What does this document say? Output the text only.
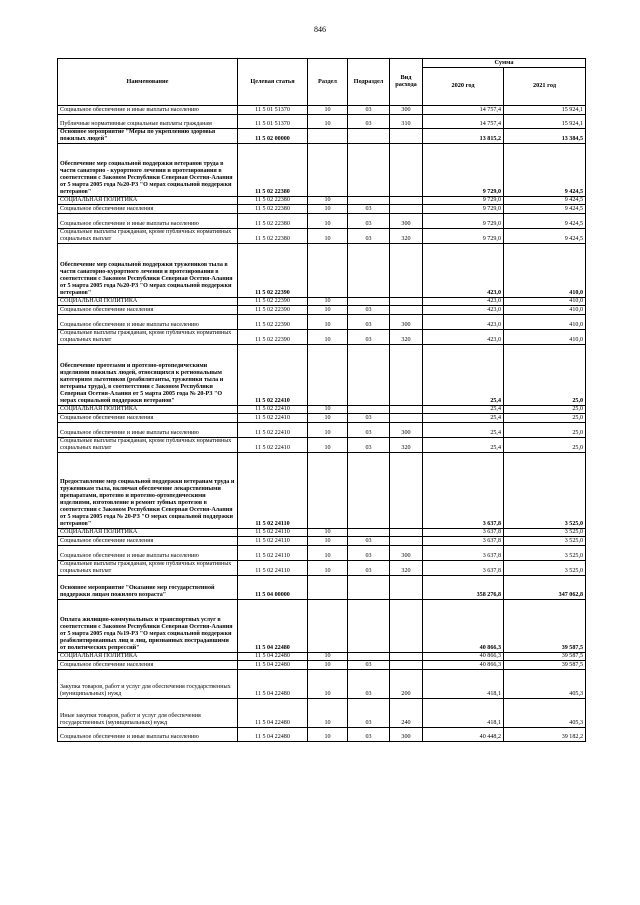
846
Наименование	Целевая статья	Раздел	Подраздел	Вид расхода	Сумма	
					2020 год	2021 год
Социальное обеспечение и иные выплаты населению	11 5 01 51370	10	03	300	14 757,4	15 924,1
Публичные нормативные социальные выплаты гражданам	11 5 01 51370	10	03	310	14 757,4	15 924,1
Основное мероприятие "Меры по укреплению здоровья пожилых людей"	11 5 02 00000				13 815,2	13 384,5
Обеспечение мер социальной поддержки ветеранов труда в части санаторно - курортного лечения и протезирования в соответствии с Законом Республики Северная Осетия-Алания от 5 марта 2005 года №20-РЗ "О мерах социальной поддержки ветеранов"	11 5 02 22380				9 729,0	9 424,5
СОЦИАЛЬНАЯ ПОЛИТИКА	11 5 02 22380	10			9 729,0	9 424,5
Социальное обеспечение населения	11 5 02 22380	10	03		9 729,0	9 424,5
Социальное обеспечение и иные выплаты населению	11 5 02 22380	10	03	300	9 729,0	9 424,5
Социальные выплаты гражданам, кроме публичных нормативных социальных выплат	11 5 02 22380	10	03	320	9 729,0	9 424,5
Обеспечение мер социальной поддержки тружеников тыла в части санаторно-курортного лечения и протезирования в соответствии с Законом Республики Северная Осетия-Алания от 5 марта 2005 года №20-РЗ "О мерах социальной поддержки ветеранов"	11 5 02 22390				423,0	410,0
СОЦИАЛЬНАЯ ПОЛИТИКА	11 5 02 22390	10			423,0	410,0
Социальное обеспечение населения	11 5 02 22390	10	03		423,0	410,0
Социальное обеспечение и иные выплаты населению	11 5 02 22390	10	03	300	423,0	410,0
Социальные выплаты гражданам, кроме публичных нормативных социальных выплат	11 5 02 22390	10	03	320	423,0	410,0
Обеспечение протезами и протезно-ортопедическими изделиями пожилых людей, относящихся к региональным категориям льготников (реабилитанты, труженики тыла и ветераны труда), в соответствии с Законом Республики Северная Осетия-Алания от 5 марта 2005 года № 20-РЗ "О мерах социальной поддержки ветеранов"	11 5 02 22410				25,4	25,0
СОЦИАЛЬНАЯ ПОЛИТИКА	11 5 02 22410	10			25,4	25,0
Социальное обеспечение населения	11 5 02 22410	10	03		25,4	25,0
Социальное обеспечение и иные выплаты населению	11 5 02 22410	10	03	300	25,4	25,0
Социальные выплаты гражданам, кроме публичных нормативных социальных выплат	11 5 02 22410	10	03	320	25,4	25,0
Предоставление мер социальной поддержки ветеранам труда и труженикам тыла, включая обеспечение лекарственными препаратами, протезно и протезно-ортопедическими изделиями, изготовление и ремонт зубных протезов в соответствии с Законом Республики Северная Осетия-Алания от 5 марта 2005 года № 20-РЗ "О мерах социальной поддержки ветеранов"	11 5 02 24110				3 637,8	3 525,0
СОЦИАЛЬНАЯ ПОЛИТИКА	11 5 02 24110	10			3 637,8	3 525,0
Социальное обеспечение населения	11 5 02 24110	10	03		3 637,8	3 525,0
Социальное обеспечение и иные выплаты населению	11 5 02 24110	10	03	300	3 637,8	3 525,0
Социальные выплаты гражданам, кроме публичных нормативных социальных выплат	11 5 02 24110	10	03	320	3 637,8	3 525,0
Основное мероприятие "Оказание мер государственной поддержки лицам пожилого возраста"	11 5 04 00000				358 276,8	347 062,8
Оплата жилищно-коммунальных и транспортных услуг в соответствии с Законом Республики Северная Осетия-Алания от 5 марта 2005 года №19-РЗ "О мерах социальной поддержки реабилитированных лиц и лиц, признанных пострадавшими от политических репрессий"	11 5 04 22480				40 866,3	39 587,5
СОЦИАЛЬНАЯ ПОЛИТИКА	11 5 04 22480	10			40 866,3	39 587,5
Социальное обеспечение населения	11 5 04 22480	10	03		40 866,3	39 587,5
Закупка товаров, работ и услуг для обеспечения государственных (муниципальных) нужд	11 5 04 22480	10	03	200	418,1	405,3
Иные закупки товаров, работ и услуг для обеспечения государственных (муниципальных) нужд	11 5 04 22480	10	03	240	418,1	405,3
Социальное обеспечение и иные выплаты населению	11 5 04 22480	10	03	300	40 448,2	39 182,2
